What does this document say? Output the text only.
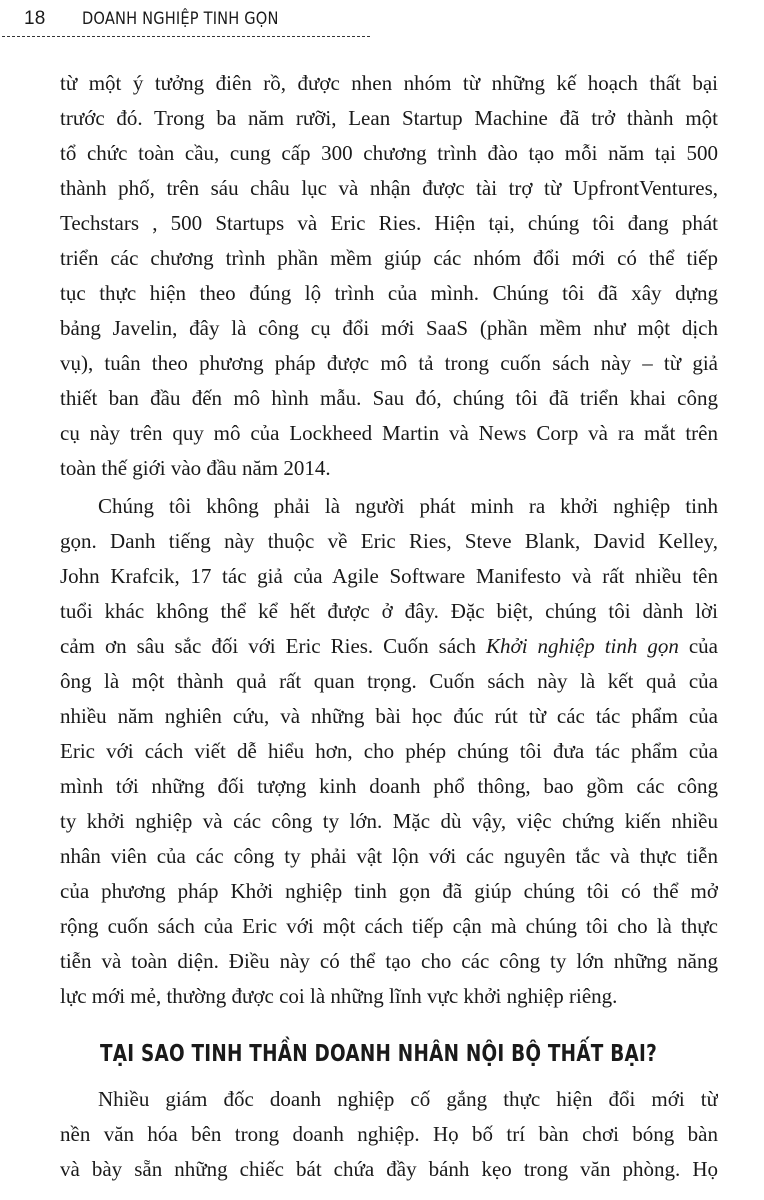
18	DOANH NGHIỆP TINH GỌN
từ một ý tưởng điên rồ, được nhen nhóm từ những kế hoạch thất bại
trước đó. Trong ba năm rưỡi, Lean Startup Machine đã trở thành một
tổ chức toàn cầu, cung cấp 300 chương trình đào tạo mỗi năm tại 500
thành phố, trên sáu châu lục và nhận được tài trợ từ UpfrontVentures,
Techstars , 500 Startups và Eric Ries. Hiện tại, chúng tôi đang phát
triển các chương trình phần mềm giúp các nhóm đổi mới có thể tiếp
tục thực hiện theo đúng lộ trình của mình. Chúng tôi đã xây dựng
bảng Javelin, đây là công cụ đổi mới SaaS (phần mềm như một dịch
vụ), tuân theo phương pháp được mô tả trong cuốn sách này – từ giả
thiết ban đầu đến mô hình mẫu. Sau đó, chúng tôi đã triển khai công
cụ này trên quy mô của Lockheed Martin và News Corp và ra mắt trên
toàn thế giới vào đầu năm 2014.
Chúng tôi không phải là người phát minh ra khởi nghiệp tinh
gọn. Danh tiếng này thuộc về Eric Ries, Steve Blank, David Kelley,
John Krafcik, 17 tác giả của Agile Software Manifesto và rất nhiều tên
tuổi khác không thể kể hết được ở đây. Đặc biệt, chúng tôi dành lời
cảm ơn sâu sắc đối với Eric Ries. Cuốn sách Khởi nghiệp tinh gọn của
ông là một thành quả rất quan trọng. Cuốn sách này là kết quả của
nhiều năm nghiên cứu, và những bài học đúc rút từ các tác phẩm của
Eric với cách viết dễ hiểu hơn, cho phép chúng tôi đưa tác phẩm của
mình tới những đối tượng kinh doanh phổ thông, bao gồm các công
ty khởi nghiệp và các công ty lớn. Mặc dù vậy, việc chứng kiến nhiều
nhân viên của các công ty phải vật lộn với các nguyên tắc và thực tiễn
của phương pháp Khởi nghiệp tinh gọn đã giúp chúng tôi có thể mở
rộng cuốn sách của Eric với một cách tiếp cận mà chúng tôi cho là thực
tiễn và toàn diện. Điều này có thể tạo cho các công ty lớn những năng
lực mới mẻ, thường được coi là những lĩnh vực khởi nghiệp riêng.
TẠI SAO TINH THẦN DOANH NHÂN NỘI BỘ THẤT BẠI?
Nhiều giám đốc doanh nghiệp cố gắng thực hiện đổi mới từ
nền văn hóa bên trong doanh nghiệp. Họ bố trí bàn chơi bóng bàn
và bày sẵn những chiếc bát chứa đầy bánh kẹo trong văn phòng. Họ
